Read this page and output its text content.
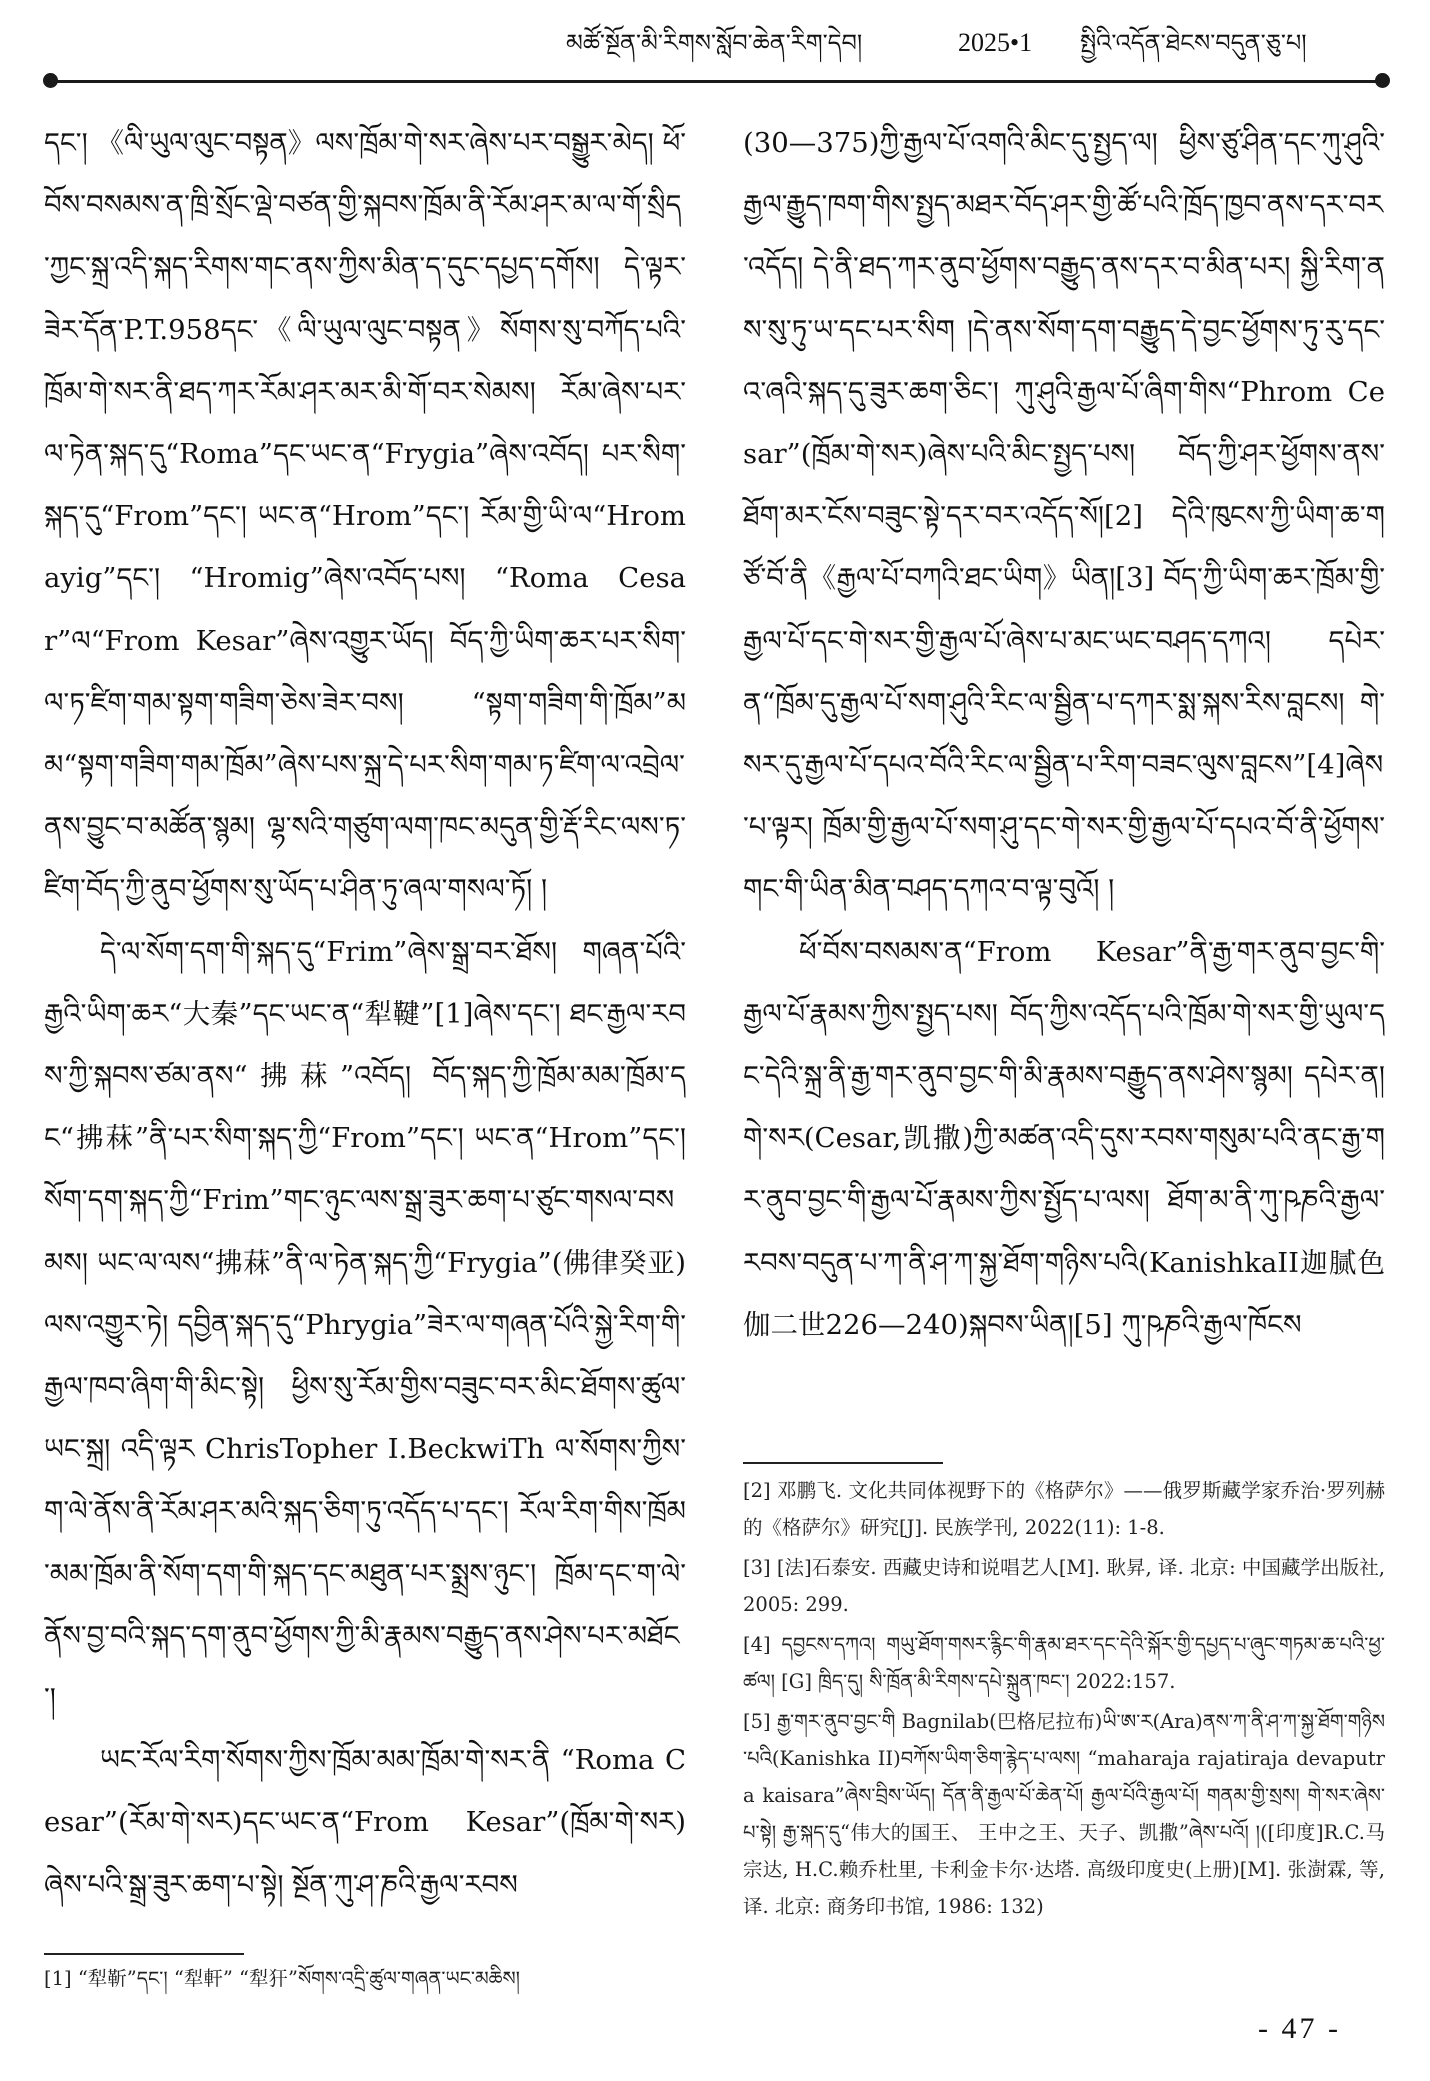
མཚོ་སྔོན་མི་རིགས་སློབ་ཆེན་རིག་དེབ།	2025•1 སྤྱིའི་འདོན་ཐེངས་བདུན་ཅུ་པ།

དང་། 《ལི་ཡུལ་ལུང་བསྟན》ལས་ཁྲོམ་གེ་སར་ཞེས་པར་བསྒྱུར་མེད། ཕོ་བོས་བསམས་ན་ཁྲི་སྲོང་ལྡེ་བཙན་གྱི་སྐབས་ཁྲོམ་ནི་རོམ་ཤར་མ་ལ་གོ་སྲིད་ཀྱང་སྐྲ་འདི་སྐད་རིགས་གང་ནས་ཀྱིས་མིན་ད་དུང་དཔྱད་དགོས། དེ་ལྟར་ཟེར་དོན་P.T.958དང་《ལི་ཡུལ་ལུང་བསྟན》སོགས་སུ་བཀོད་པའི་ཁྲོམ་གེ་སར་ནི་ཐད་ཀར་རོམ་ཤར་མར་མི་གོ་བར་སེམས། རོམ་ཞེས་པར་ལ་ཏེན་སྐད་དུ“Roma”དང་ཡང་ན“Frygia”ཞེས་འབོད། པར་སིག་སྐད་དུ“From”དང་། ཡང་ན“Hrom”དང་། རོམ་གྱི་ཡི་ལ“Hromayig”དང་། “Hromig”ཞེས་འབོད་པས། “Roma Cesar”ལ“From Kesar”ཞེས་འགྱུར་ཡོད། བོད་ཀྱི་ཡིག་ཆར་པར་སིག་ལ་ཏ་ཛིག་གམ་སྟག་གཟིག་ཅེས་ཟེར་བས། “སྟག་གཟིག་གི་ཁྲོམ”མམ“སྟག་གཟིག་གམ་ཁྲོམ”ཞེས་པས་སྐྲ་དེ་པར་སིག་གམ་ཏ་ཛིག་ལ་འབྲེལ་ནས་བྱུང་བ་མཚོན་སྙམ། ལྷ་སའི་གཙུག་ལག་ཁང་མདུན་གྱི་རྡོ་རིང་ལས་ཏ་ཛིག་བོད་ཀྱི་ནུབ་ཕྱོགས་སུ་ཡོད་པ་ཤིན་ཏུ་ཞལ་གསལ་ཏོ། །

དེ་ལ་སོག་དག་གི་སྐད་དུ“Frim”ཞེས་སྒྲ་བར་ཐོས། གཞན་པོའི་རྒྱའི་ཡིག་ཆར“大秦”དང་ཡང་ན“犁鞬”[1]ཞེས་དང་། ཐང་རྒྱལ་རབས་ཀྱི་སྐབས་ཙམ་ནས“拂菻”འབོད། བོད་སྐད་ཀྱི་ཁྲོམ་མམ་ཁྲོམ་དང“拂菻”ནི་པར་སིག་སྐད་ཀྱི“From”དང་། ཡང་ན“Hrom”དང་། སོག་དག་སྐད་ཀྱི“Frim”གང་ཉུང་ལས་སྒྲ་ཟུར་ཆག་པ་ཙུང་གསལ་བསམས། ཡང་ལ་ལས“拂菻”ནི་ལ་ཏེན་སྐད་ཀྱི“Frygia”(佛律癸亚)ལས་འགྱུར་ཏེ། དབྱིན་སྐད་དུ“Phrygia”ཟེར་ལ་གཞན་པོའི་སྐྱེ་རིག་གི་རྒྱལ་ཁབ་ཞིག་གི་མིང་སྟེ། ཕྱིས་སུ་རོམ་གྱིས་བཟུང་བར་མིང་ཐོགས་ཚུལ་ཡང་སྐྲ། འདི་ལྟར ChrisTopher I.BeckwiTh ལ་སོགས་ཀྱིས་ག་ལེ་ནོས་ནི་རོམ་ཤར་མའི་སྐད་ཅིག་ཏུ་འདོད་པ་དང་། རོལ་རིག་གིས་ཁྲོམ་མམ་ཁྲོམ་ནི་སོག་དག་གི་སྐད་དང་མཐུན་པར་སྨྲས་ཉུང་། ཁྲོམ་དང་ག་ལེ་ནོས་བྱ་བའི་སྐད་དག་ནུབ་ཕྱོགས་ཀྱི་མི་རྣམས་བརྒྱུད་ནས་ཤེས་པར་མཐོང་།

ཡང་རོལ་རིག་སོགས་ཀྱིས་ཁྲོམ་མམ་ཁྲོམ་གེ་སར་ནི “Roma Cesar”(རོམ་གེ་སར)དང་ཡང་ན“From Kesar”(ཁྲོམ་གེ་སར)ཞེས་པའི་སྒྲ་ཟུར་ཆག་པ་སྟེ། སྔོན་ཀུ་ཤ་ཎའི་རྒྱལ་རབས

[1] “犁靳”དང་། “犁軒” “犁犴”སོགས་འདྲི་ཚུལ་གཞན་ཡང་མཆིས།

(30—375)ཀྱི་རྒྱལ་པོ་འགའི་མིང་དུ་སྤྱད་ལ། ཕྱིས་ཙུ་ཤིན་དང་ཀུ་ཤུའི་རྒྱལ་རྒྱུད་ཁག་གིས་སྤྱད་མཐར་བོད་ཤར་གྱི་ཚོ་པའི་ཁྲོད་ཁྱབ་ནས་དར་བར་འདོད། དེ་ནི་ཐད་ཀར་ནུབ་ཕྱོགས་བརྒྱུད་ནས་དར་བ་མིན་པར། སྐྱི་རིག་ནས་སུ་ཏུ་ཡ་དང་པར་སིག །དེ་ནས་སོག་དག་བརྒྱུད་དེ་བྱང་ཕྱོགས་ཏུ་རུ་དང་འ་ཞའི་སྐད་དུ་ཟུར་ཆག་ཅིང་། ཀུ་ཤུའི་རྒྱལ་པོ་ཞིག་གིས“Phrom Cesar”(ཁྲོམ་གེ་སར)ཞེས་པའི་མིང་སྤྱད་པས། བོད་ཀྱི་ཤར་ཕྱོགས་ནས་ཐོག་མར་ངོས་བཟུང་སྟེ་དར་བར་འདོད་སོ།[2] དེའི་ཁུངས་ཀྱི་ཡིག་ཆ་གཙོ་བོ་ནི《རྒྱལ་པོ་བཀའི་ཐང་ཡིག》ཡིན།[3] བོད་ཀྱི་ཡིག་ཆར་ཁྲོམ་གྱི་རྒྱལ་པོ་དང་གེ་སར་གྱི་རྒྱལ་པོ་ཞེས་པ་མང་ཡང་བཤད་དཀའ། དཔེར་ན“ཁྲོམ་དུ་རྒྱལ་པོ་སག་ཤུའི་རིང་ལ་སྦྱིན་པ་དཀར་སྨ་སྐས་རིས་བླངས། གེ་སར་དུ་རྒྱལ་པོ་དཔའ་བོའི་རིང་ལ་སྦྱིན་པ་རིག་བཟང་ལུས་བླངས”[4]ཞེས་པ་ལྟར། ཁྲོམ་གྱི་རྒྱལ་པོ་སག་ཤུ་དང་གེ་སར་གྱི་རྒྱལ་པོ་དཔའ་བོ་ནི་ཕྱོགས་གང་གི་ཡིན་མིན་བཤད་དཀའ་བ་ལྟ་བུའོ། །

ཕོ་བོས་བསམས་ན“From Kesar”ནི་རྒྱ་གར་ནུབ་བྱང་གི་རྒྱལ་པོ་རྣམས་ཀྱིས་སྤྱད་པས། བོད་ཀྱིས་འདོད་པའི་ཁྲོམ་གེ་སར་གྱི་ཡུལ་དང་དེའི་སྐྲ་ནི་རྒྱ་གར་ནུབ་བྱང་གི་མི་རྣམས་བརྒྱུད་ནས་ཤེས་སྙམ། དཔེར་ན། གེ་སར(Cesar,凯撒)ཀྱི་མཚན་འདི་དུས་རབས་གསུམ་པའི་ནང་རྒྱ་གར་ནུབ་བྱང་གི་རྒྱལ་པོ་རྣམས་ཀྱིས་སྤྱོད་པ་ལས། ཐོག་མ་ནི་ཀུ་ཥཎའི་རྒྱལ་རབས་བདུན་པ་ཀ་ནི་ཤ་ཀ་སྐྱ་ཐོག་གཉིས་པའི(KanishkaII迦腻色伽二世226—240)སྐབས་ཡིན།[5] ཀུ་ཥཎའི་རྒྱལ་ཁོངས

[2] 邓鹏飞. 文化共同体视野下的《格萨尔》——俄罗斯藏学家乔治·罗列赫的《格萨尔》研究[J]. 民族学刊, 2022(11): 1-8.

[3] [法]石泰安. 西藏史诗和说唱艺人[M]. 耿昇, 译. 北京: 中国藏学出版社, 2005: 299.

[4] དབྱངས་དཀའ། གཡུ་ཐོག་གསར་རྙིང་གི་རྣམ་ཐར་དང་དེའི་སྐོར་གྱི་དཔྱད་པ་ཞུང་གཏམ་ཆ་པའི་ཕྱ་ཚལ། [G] ཁྲིད་དུ། སི་ཁྲོན་མི་རིགས་དཔེ་སྐྲུན་ཁང་། 2022:157.

[5] རྒྱ་གར་ནུབ་བྱང་གི Bagnilab(巴格尼拉布)ཡི་ཨ་ར(Ara)ནས་ཀ་ནི་ཤ་ཀ་སྐྱ་ཐོག་གཉིས་པའི(Kanishka II)བཀོས་ཡིག་ཅིག་རྙེད་པ་ལས། “maharaja rajatiraja devaputra kaisara”ཞེས་བྲིས་ཡོད། དོན་ནི་རྒྱལ་པོ་ཆེན་པོ། རྒྱལ་པོའི་རྒྱལ་པོ། གནམ་གྱི་སྲས། གེ་སར་ཞེས་པ་སྟེ། རྒྱ་སྐད་དུ“伟大的国王、 王中之王、天子、凯撒”ཞེས་པའོ། །([印度]R.C.马宗达, H.C.赖乔杜里, 卡利金卡尔·达塔. 高级印度史(上册)[M]. 张澍霖, 等, 译. 北京: 商务印书馆, 1986: 132)

- 47 -
